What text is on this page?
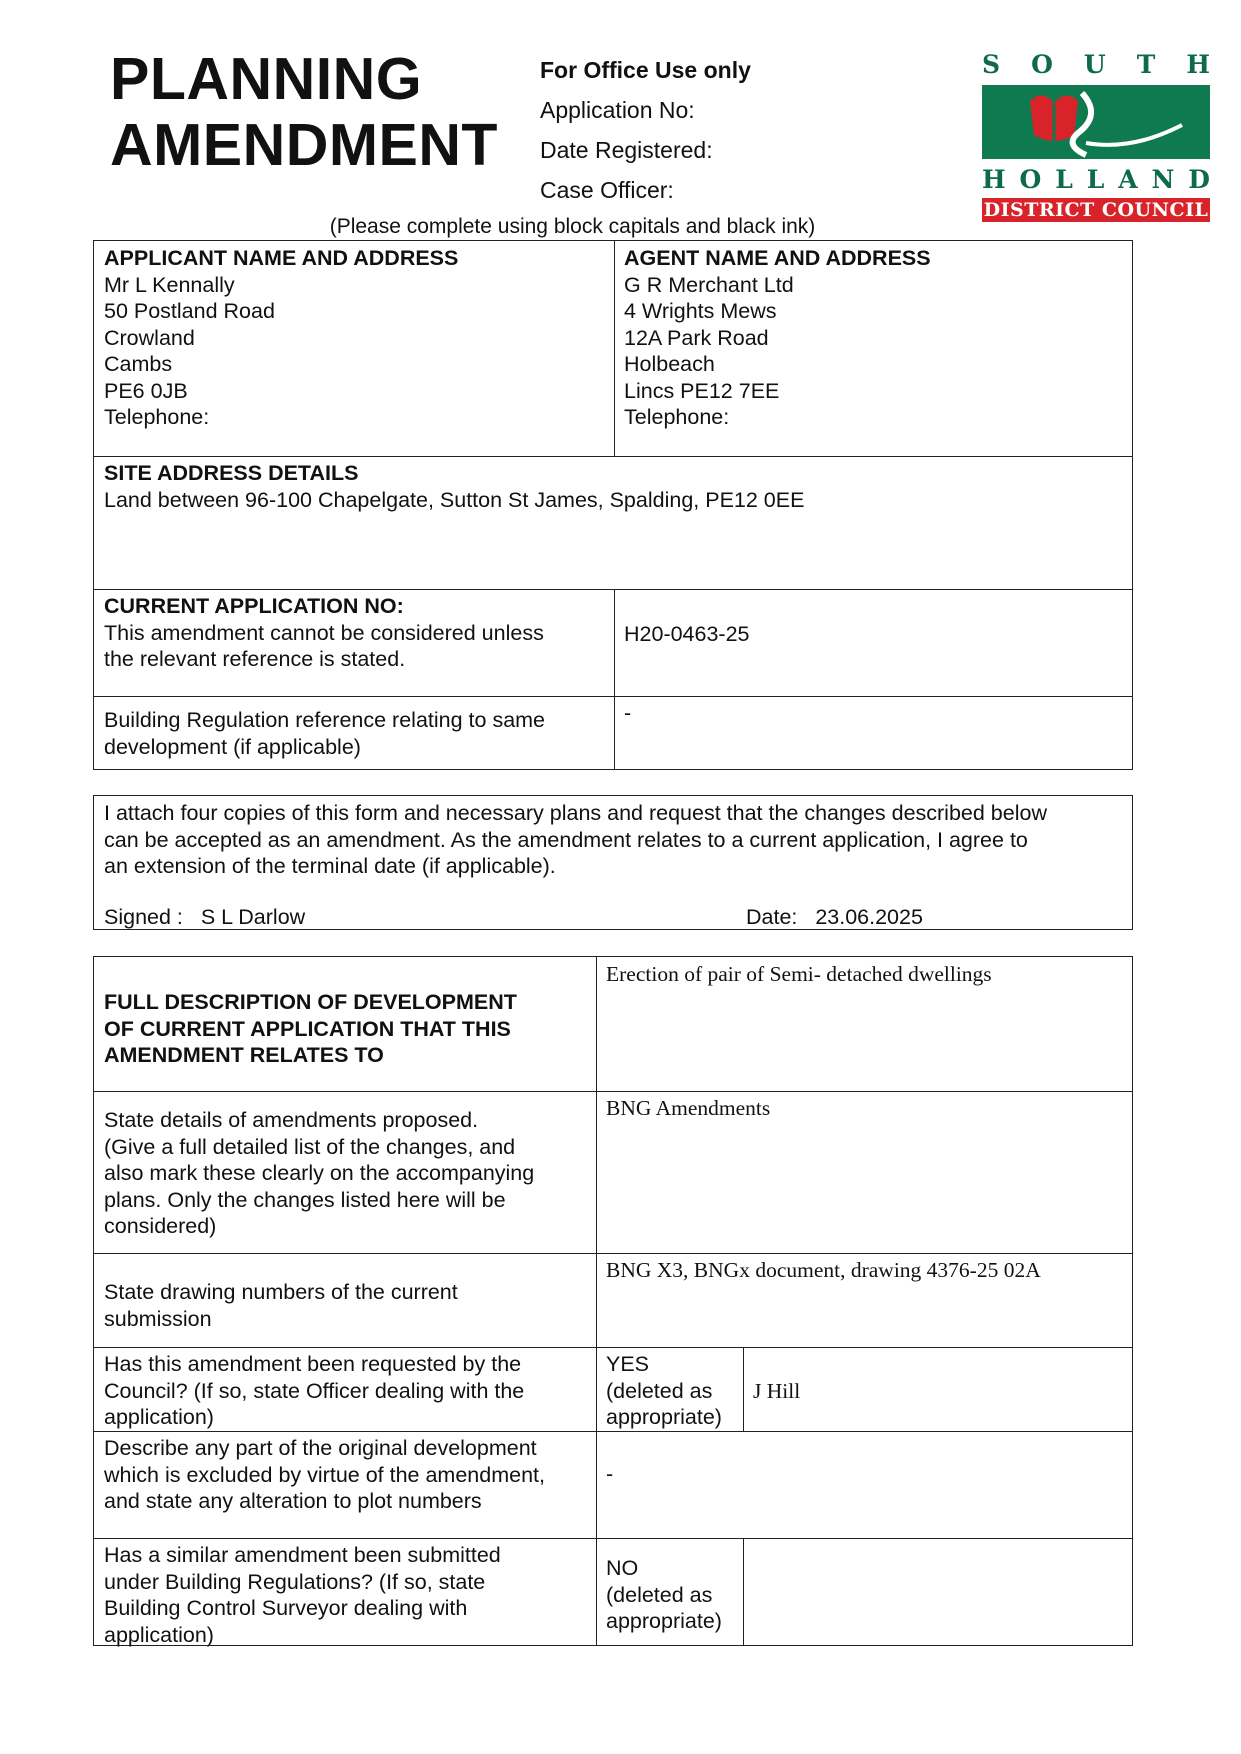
PLANNING
AMENDMENT
For Office Use only
Application No:
Date Registered:
Case Officer:
S O U T H
H O L L A N D
DISTRICT COUNCIL
(Please complete using block capitals and black ink)
APPLICANT NAME AND ADDRESS
Mr L Kennally
50 Postland Road
Crowland
Cambs
PE6 0JB
Telephone:
AGENT NAME AND ADDRESS
G R Merchant Ltd
4 Wrights Mews
12A Park Road
Holbeach
Lincs PE12 7EE
Telephone:
SITE ADDRESS DETAILS
Land between 96-100 Chapelgate, Sutton St James, Spalding, PE12 0EE
CURRENT APPLICATION NO:
This amendment cannot be considered unless
the relevant reference is stated.
H20-0463-25
Building Regulation reference relating to same
development (if applicable)
-
I attach four copies of this form and necessary plans and request that the changes described below
can be accepted as an amendment. As the amendment relates to a current application, I agree to
an extension of the terminal date (if applicable).
Signed : S L Darlow	Date: 23.06.2025
FULL DESCRIPTION OF DEVELOPMENT
OF CURRENT APPLICATION THAT THIS
AMENDMENT RELATES TO
Erection of pair of Semi- detached dwellings
State details of amendments proposed.
(Give a full detailed list of the changes, and
also mark these clearly on the accompanying
plans. Only the changes listed here will be
considered)
BNG Amendments
State drawing numbers of the current
submission
BNG X3, BNGx document, drawing 4376-25 02A
Has this amendment been requested by the
Council? (If so, state Officer dealing with the
application)
YES
(deleted as
appropriate)
J Hill
Describe any part of the original development
which is excluded by virtue of the amendment,
and state any alteration to plot numbers
-
Has a similar amendment been submitted
under Building Regulations? (If so, state
Building Control Surveyor dealing with
application)
NO
(deleted as
appropriate)
